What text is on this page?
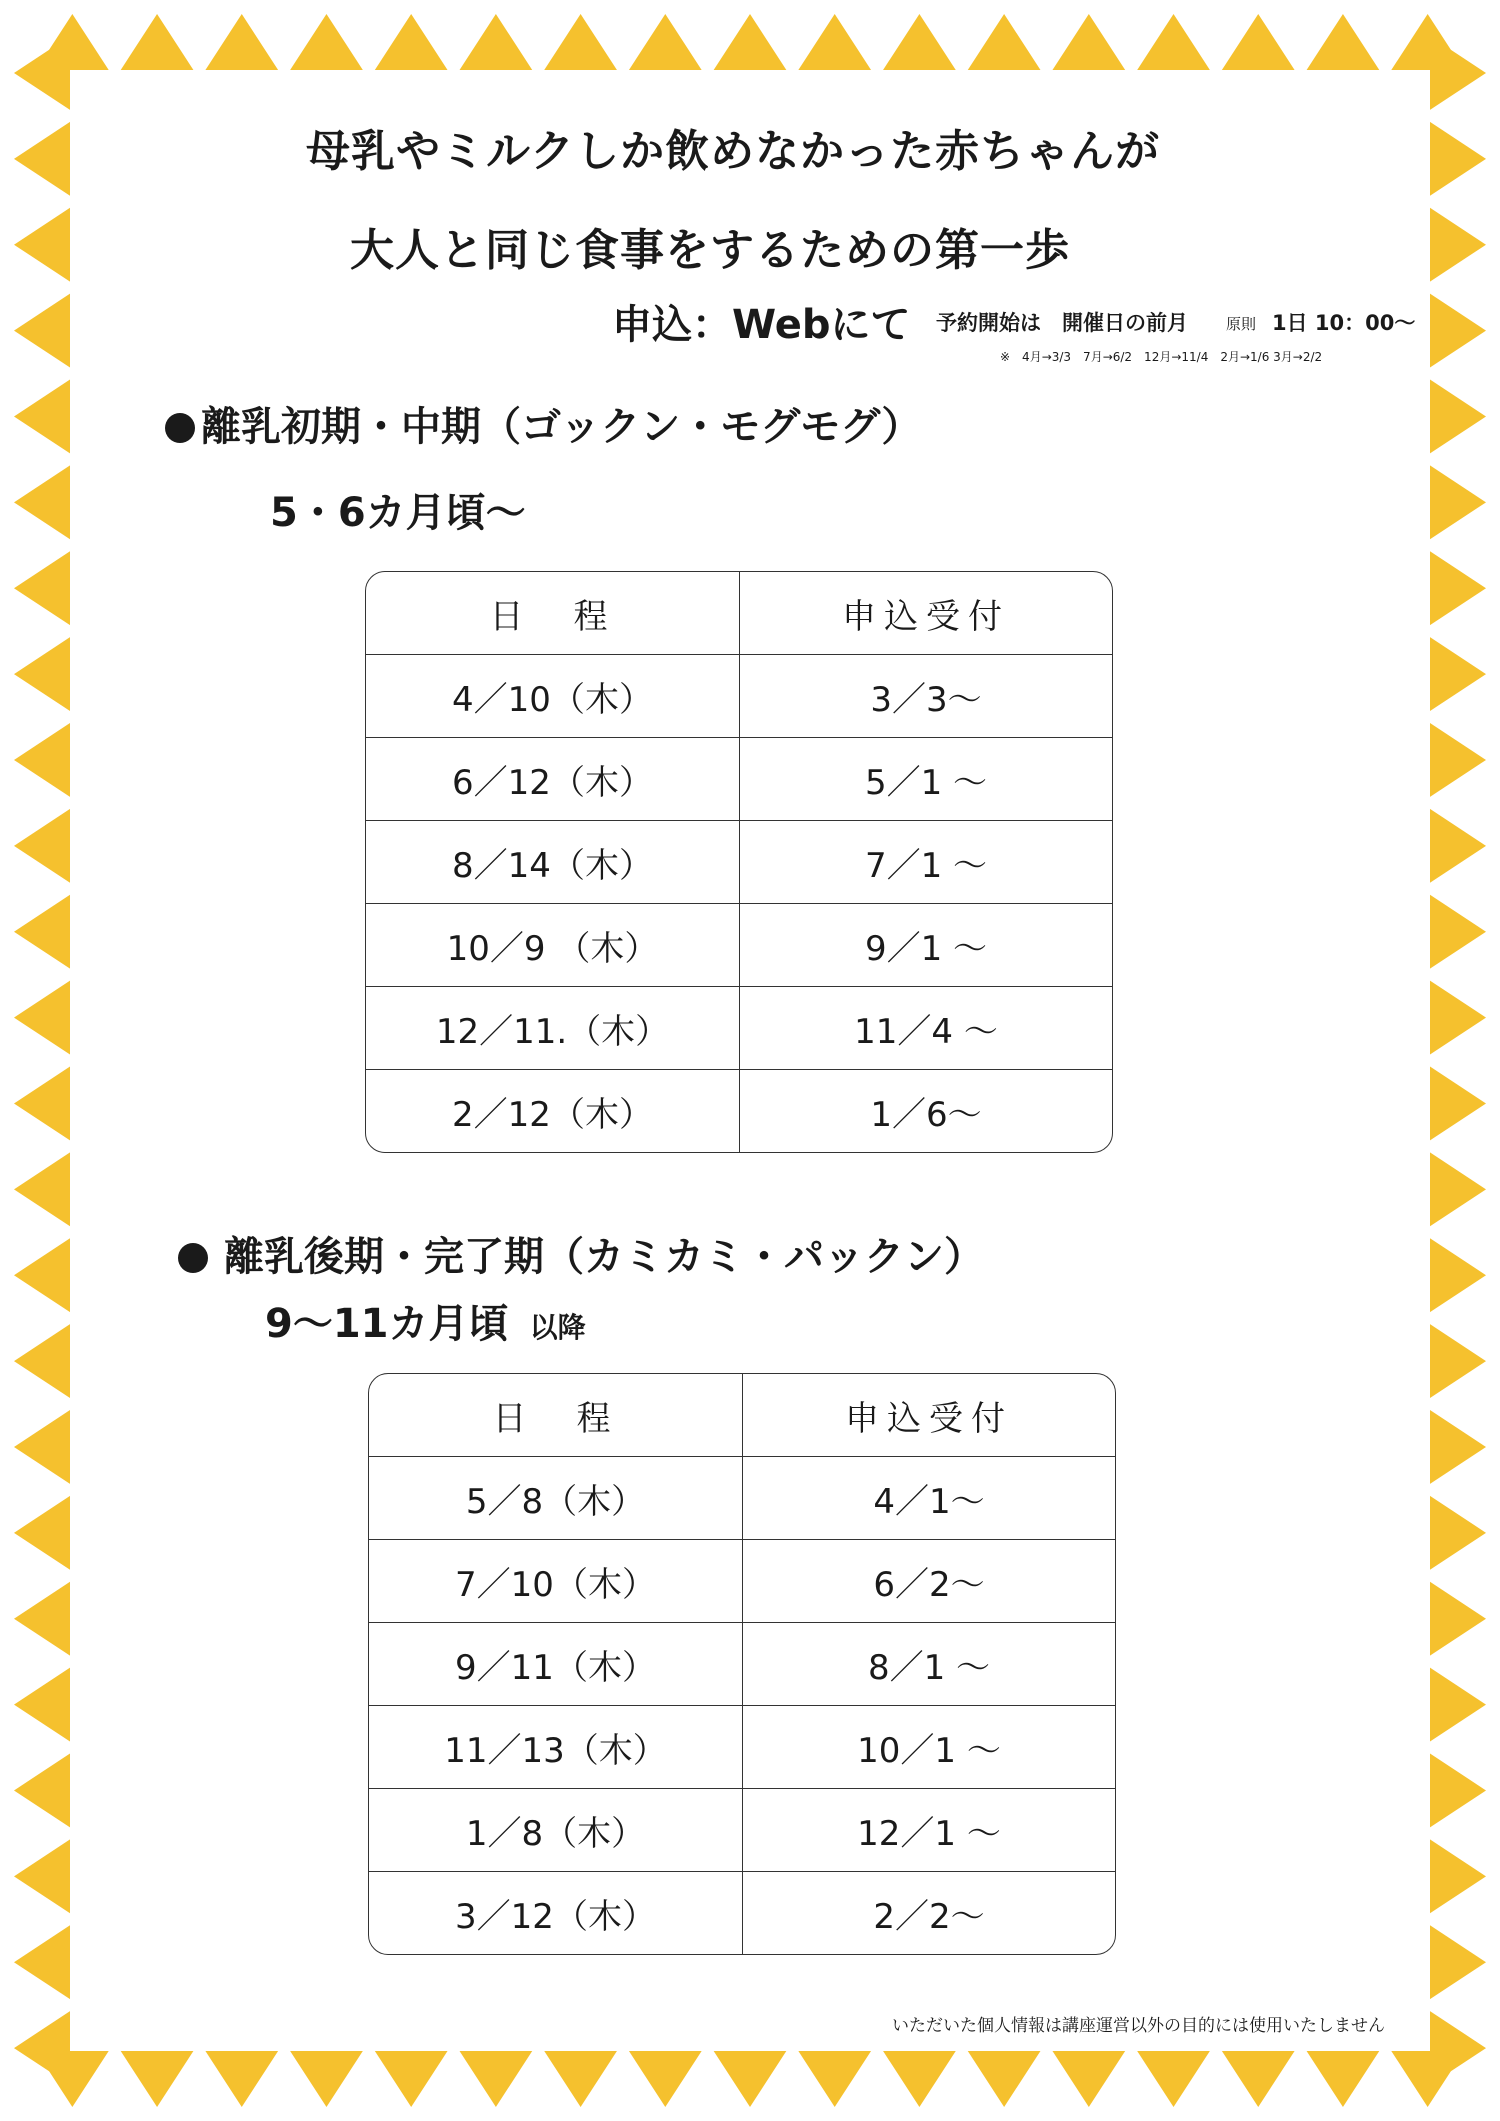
母乳やミルクしか飲めなかった赤ちゃんが
大人と同じ食事をするための第一歩
申込：Webにて 予約開始は　開催日の前月	原則 1日 10：00～
※　4月→3/3　7月→6/2　12月→11/4　2月→1/6 3月→2/2
離乳初期・中期（ゴックン・モグモグ）
5・6カ月頃～
日　程	申込受付
4／10（木）	3／3～
6／12（木）	5／1 ～
8／14（木）	7／1 ～
10／9 （木）	9／1 ～
12／11.（木）	11／4 ～
2／12（木）	1／6～
離乳後期・完了期（カミカミ・パックン）
9～11カ月頃 以降
日　程	申込受付
5／8（木）	4／1～
7／10（木）	6／2～
9／11（木）	8／1 ～
11／13（木）	10／1 ～
1／8（木）	12／1 ～
3／12（木）	2／2～
いただいた個人情報は講座運営以外の目的には使用いたしません
